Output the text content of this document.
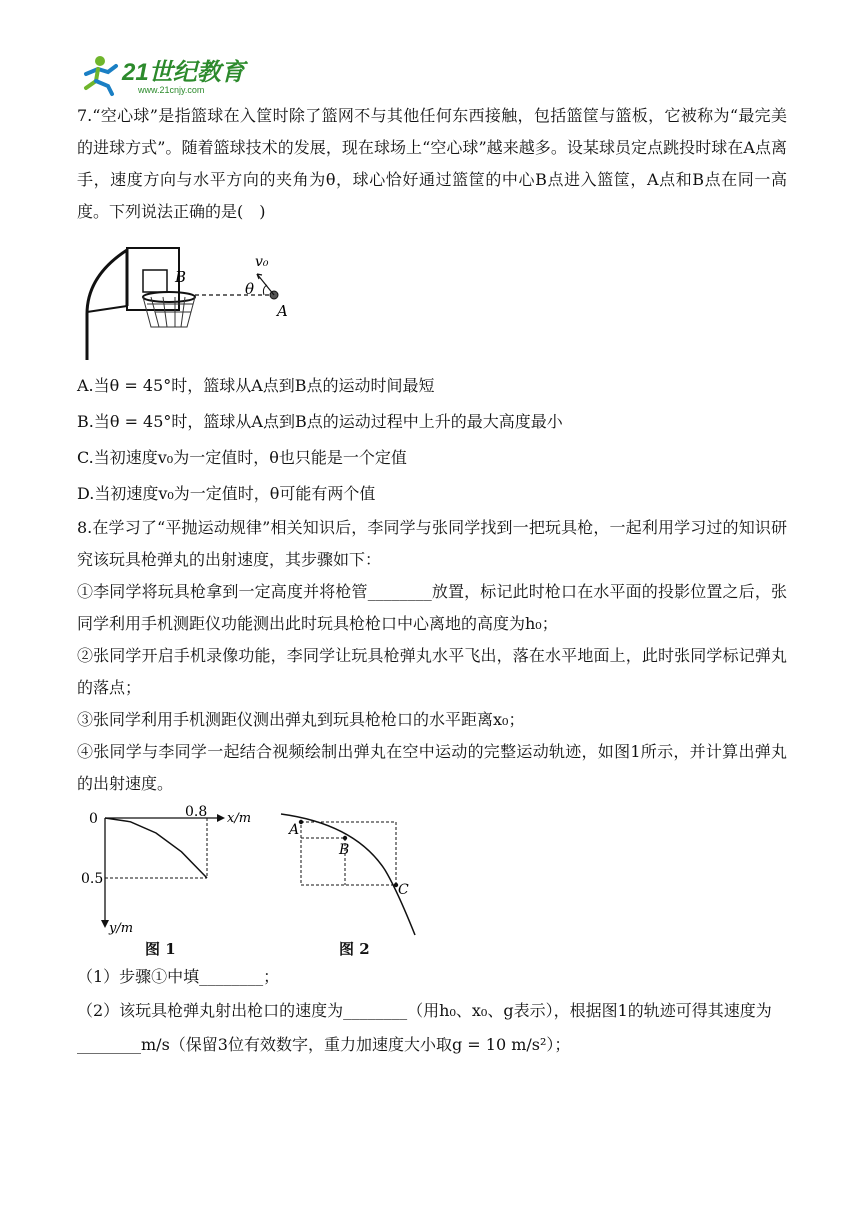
21世纪教育
www.21cnjy.com

7.“空心球”是指篮球在入筐时除了篮网不与其他任何东西接触，包括篮筐与篮板，它被称为“最完美的进球方式”。随着篮球技术的发展，现在球场上“空心球”越来越多。设某球员定点跳投时球在A点离手，速度方向与水平方向的夹角为θ，球心恰好通过篮筐的中心B点进入篮筐，A点和B点在同一高度。下列说法正确的是(　)

B
A
v₀
θ

A.当θ = 45°时，篮球从A点到B点的运动时间最短

B.当θ = 45°时，篮球从A点到B点的运动过程中上升的最大高度最小

C.当初速度v₀为一定值时，θ也只能是一个定值

D.当初速度v₀为一定值时，θ可能有两个值

8.在学习了“平抛运动规律”相关知识后，李同学与张同学找到一把玩具枪，一起利用学习过的知识研究该玩具枪弹丸的出射速度，其步骤如下：

①李同学将玩具枪拿到一定高度并将枪管________放置，标记此时枪口在水平面的投影位置之后，张同学利用手机测距仪功能测出此时玩具枪枪口中心离地的高度为h₀；

②张同学开启手机录像功能，李同学让玩具枪弹丸水平飞出，落在水平地面上，此时张同学标记弹丸的落点；

③张同学利用手机测距仪测出弹丸到玩具枪枪口的水平距离x₀；

④张同学与李同学一起结合视频绘制出弹丸在空中运动的完整运动轨迹，如图1所示，并计算出弹丸的出射速度。

0	0.8 x/m
0.5
y/m
图 1
A
B
C
图 2

（1）步骤①中填________；

（2）该玩具枪弹丸射出枪口的速度为________（用h₀、x₀、g表示），根据图1的轨迹可得其速度为________m/s（保留3位有效数字，重力加速度大小取g = 10 m/s²）；
